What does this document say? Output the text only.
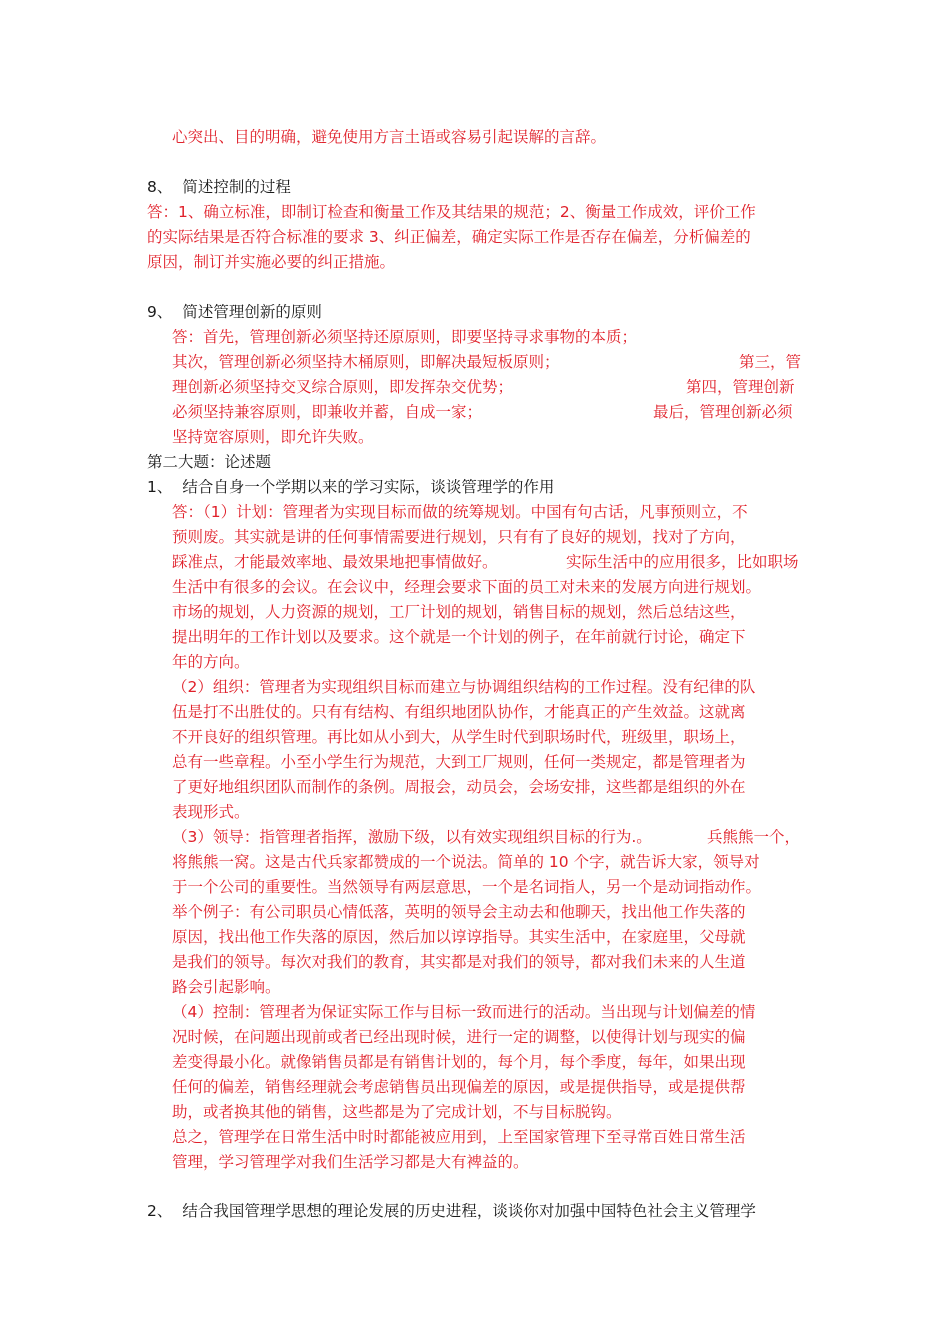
心突出、目的明确，避免使用方言土语或容易引起误解的言辞。
8、 简述控制的过程
答：1、确立标准，即制订检查和衡量工作及其结果的规范；2、衡量工作成效，评价工作
的实际结果是否符合标准的要求 3、纠正偏差，确定实际工作是否存在偏差，分析偏差的
原因，制订并实施必要的纠正措施。
9、 简述管理创新的原则
答：首先，管理创新必须坚持还原原则，即要坚持寻求事物的本质；
其次，管理创新必须坚持木桶原则，即解决最短板原则；	第三，管
理创新必须坚持交叉综合原则，即发挥杂交优势；	第四，管理创新
必须坚持兼容原则，即兼收并蓄，自成一家；	最后，管理创新必须
坚持宽容原则，即允许失败。
第二大题：论述题
1、 结合自身一个学期以来的学习实际，谈谈管理学的作用
答：（1）计划：管理者为实现目标而做的统筹规划。中国有句古话，凡事预则立，不
预则废。其实就是讲的任何事情需要进行规划，只有有了良好的规划，找对了方向，
踩准点，才能最效率地、最效果地把事情做好。	实际生活中的应用很多，比如职场
生活中有很多的会议。在会议中，经理会要求下面的员工对未来的发展方向进行规划。
市场的规划，人力资源的规划，工厂计划的规划，销售目标的规划，然后总结这些，
提出明年的工作计划以及要求。这个就是一个计划的例子，在年前就行讨论，确定下
年的方向。
（2）组织：管理者为实现组织目标而建立与协调组织结构的工作过程。没有纪律的队
伍是打不出胜仗的。只有有结构、有组织地团队协作，才能真正的产生效益。这就离
不开良好的组织管理。再比如从小到大，从学生时代到职场时代，班级里，职场上，
总有一些章程。小至小学生行为规范，大到工厂规则，任何一类规定，都是管理者为
了更好地组织团队而制作的条例。周报会，动员会，会场安排，这些都是组织的外在
表现形式。
（3）领导：指管理者指挥，激励下级，以有效实现组织目标的行为.。	兵熊熊一个，
将熊熊一窝。这是古代兵家都赞成的一个说法。简单的 10 个字，就告诉大家，领导对
于一个公司的重要性。当然领导有两层意思，一个是名词指人，另一个是动词指动作。
举个例子：有公司职员心情低落，英明的领导会主动去和他聊天，找出他工作失落的
原因，找出他工作失落的原因，然后加以谆谆指导。其实生活中，在家庭里，父母就
是我们的领导。每次对我们的教育，其实都是对我们的领导，都对我们未来的人生道
路会引起影响。
（4）控制：管理者为保证实际工作与目标一致而进行的活动。当出现与计划偏差的情
况时候，在问题出现前或者已经出现时候，进行一定的调整，以使得计划与现实的偏
差变得最小化。就像销售员都是有销售计划的，每个月，每个季度，每年，如果出现
任何的偏差，销售经理就会考虑销售员出现偏差的原因，或是提供指导，或是提供帮
助，或者换其他的销售，这些都是为了完成计划，不与目标脱钩。
总之，管理学在日常生活中时时都能被应用到，上至国家管理下至寻常百姓日常生活
管理，学习管理学对我们生活学习都是大有裨益的。
2、 结合我国管理学思想的理论发展的历史进程，谈谈你对加强中国特色社会主义管理学
